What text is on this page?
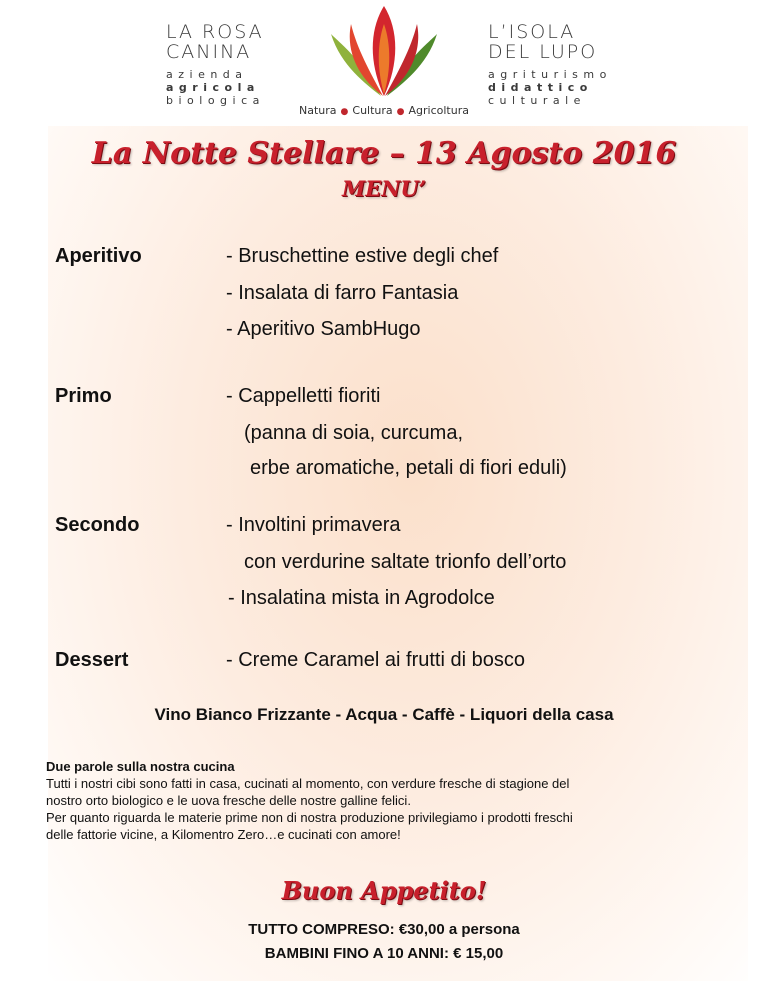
LA ROSA
CANINA
azienda
agricola
biologica
L’ISOLA
DEL LUPO
agriturismo
didattico
culturale
Natura ● Cultura ● Agricoltura
La Notte Stellare – 13 Agosto 2016
MENU’
Aperitivo	- Bruschettine estive degli chef
- Insalata di farro Fantasia
- Aperitivo SambHugo
Primo	- Cappelletti fioriti
(panna di soia, curcuma,
erbe aromatiche, petali di fiori eduli)
Secondo	- Involtini primavera
con verdurine saltate trionfo dell’orto
- Insalatina mista in Agrodolce
Dessert	- Creme Caramel ai frutti di bosco
Vino Bianco Frizzante - Acqua - Caffè - Liquori della casa
Due parole sulla nostra cucina
Tutti i nostri cibi sono fatti in casa, cucinati al momento, con verdure fresche di stagione del
nostro orto biologico e le uova fresche delle nostre galline felici.
Per quanto riguarda le materie prime non di nostra produzione privilegiamo i prodotti freschi
delle fattorie vicine, a Kilomentro Zero…e cucinati con amore!
Buon Appetito!
TUTTO COMPRESO: €30,00 a persona
BAMBINI FINO A 10 ANNI: € 15,00
